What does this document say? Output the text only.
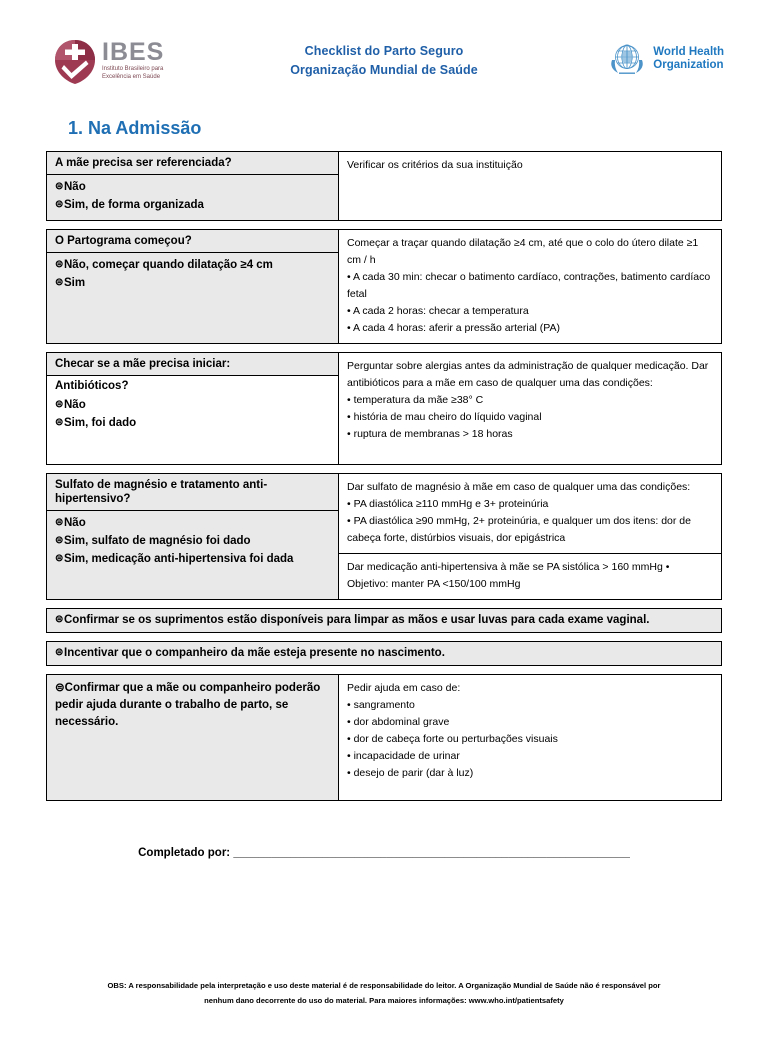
IBES
Instituto Brasileiro para Excelência em Saúde
Checklist do Parto Seguro
Organização Mundial de Saúde
World Health
Organization
1. Na Admissão
A mãe precisa ser referenciada?
⊜Não
⊜Sim, de forma organizada
Verificar os critérios da sua instituição
O Partograma começou?
⊜Não, começar quando dilatação ≥4 cm
⊜Sim
Começar a traçar quando dilatação ≥4 cm, até que o colo do útero dilate ≥1 cm / h
• A cada 30 min: checar o batimento cardíaco, contrações, batimento cardíaco fetal
• A cada 2 horas: checar a temperatura
• A cada 4 horas: aferir a pressão arterial (PA)
Checar se a mãe precisa iniciar:
Antibióticos?
⊜Não
⊜Sim, foi dado
Perguntar sobre alergias antes da administração de qualquer medicação. Dar antibióticos para a mãe em caso de qualquer uma das condições:
• temperatura da mãe ≥38° C
• história de mau cheiro do líquido vaginal
• ruptura de membranas > 18 horas
Sulfato de magnésio e tratamento anti-hipertensivo?
⊜Não
⊜Sim, sulfato de magnésio foi dado
⊜Sim, medicação anti-hipertensiva foi dada
Dar sulfato de magnésio à mãe em caso de qualquer uma das condições:
• PA diastólica ≥110 mmHg e 3+ proteinúria
• PA diastólica ≥90 mmHg, 2+ proteinúria, e qualquer um dos itens: dor de cabeça forte, distúrbios visuais, dor epigástrica
Dar medicação anti-hipertensiva à mãe se PA sistólica > 160 mmHg • Objetivo: manter PA <150/100 mmHg
⊜Confirmar se os suprimentos estão disponíveis para limpar as mãos e usar luvas para cada exame vaginal.
⊜Incentivar que o companheiro da mãe esteja presente no nascimento.
⊜Confirmar que a mãe ou companheiro poderão pedir ajuda durante o trabalho de parto, se necessário.
Pedir ajuda em caso de:
• sangramento
• dor abdominal grave
• dor de cabeça forte ou perturbações visuais
• incapacidade de urinar
• desejo de parir (dar à luz)
Completado por: ______________________________________________________________
OBS: A responsabilidade pela interpretação e uso deste material é de responsabilidade do leitor. A Organização Mundial de Saúde não é responsável por
nenhum dano decorrente do uso do material. Para maiores informações: www.who.int/patientsafety
